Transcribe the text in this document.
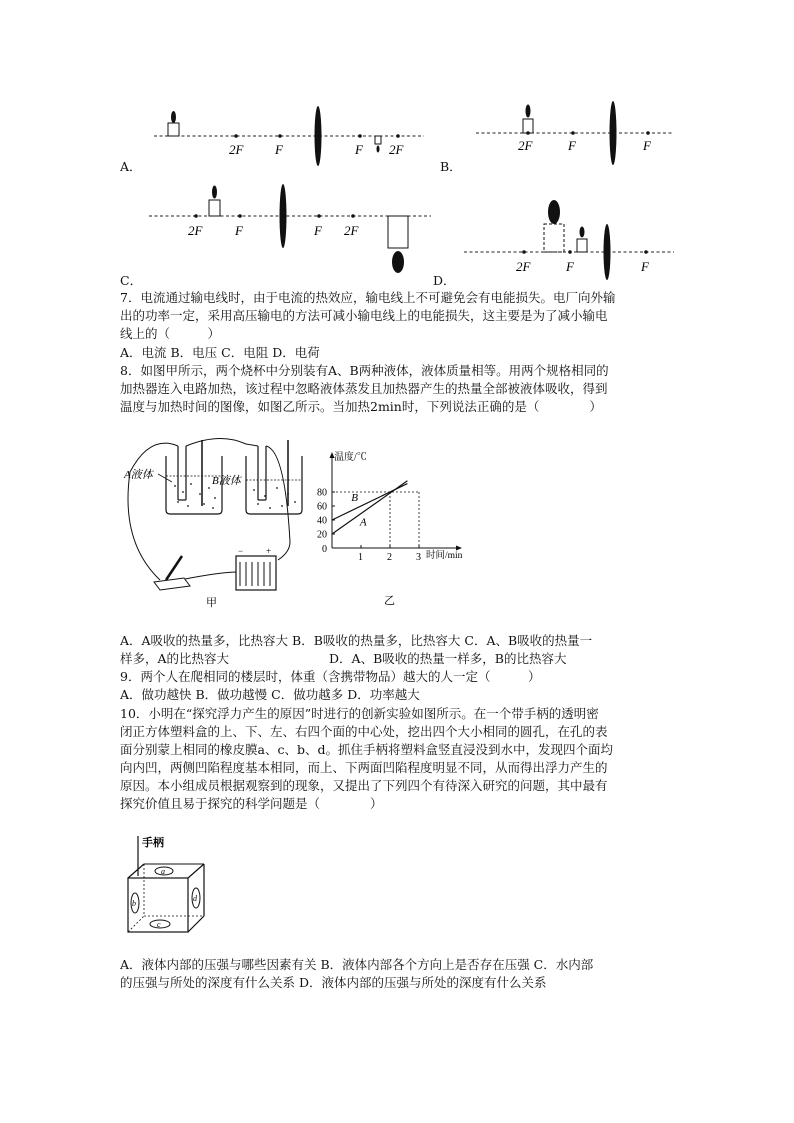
2F F	F 2F
A．
2F	F	F
B．
2F	F	F 2F
C．
2F	F	F
D．
7．电流通过输电线时，由于电流的热效应，输电线上不可避免会有电能损失。电厂向外输
出的功率一定，采用高压输电的方法可减小输电线上的电能损失，这主要是为了减小输电
线上的（　　　）
A．电流 B．电压 C．电阻 D．电荷
8．如图甲所示，两个烧杯中分别装有A、B两种液体，液体质量相等。用两个规格相同的
加热器连入电路加热，该过程中忽略液体蒸发且加热器产生的热量全部被液体吸收，得到
温度与加热时间的图像，如图乙所示。当加热2min时，下列说法正确的是（　　　　）
A液体	B液体
−	+
甲
温度/℃
时间/min
0
20
40
60
80
1 2 3
A
B
乙
A．A吸收的热量多，比热容大 B．B吸收的热量多，比热容大 C．A、B吸收的热量一
样多，A的比热容大　　　　　　　　D．A、B吸收的热量一样多，B的比热容大
9．两个人在爬相同的楼层时，体重（含携带物品）越大的人一定（　　　）
A．做功越快 B．做功越慢 C．做功越多 D．功率越大
10．小明在“探究浮力产生的原因”时进行的创新实验如图所示。在一个带手柄的透明密
闭正方体塑料盒的上、下、左、右四个面的中心处，挖出四个大小相同的圆孔，在孔的表
面分别蒙上相同的橡皮膜a、c、b、d。抓住手柄将塑料盒竖直浸没到水中，发现四个面均
向内凹，两侧凹陷程度基本相同，而上、下两面凹陷程度明显不同，从而得出浮力产生的
原因。本小组成员根据观察到的现象，又提出了下列四个有待深入研究的问题，其中最有
探究价值且易于探究的科学问题是（　　　　）
手柄
a
b
d
c
A．液体内部的压强与哪些因素有关 B．液体内部各个方向上是否存在压强 C．水内部
的压强与所处的深度有什么关系 D．液体内部的压强与所处的深度有什么关系
